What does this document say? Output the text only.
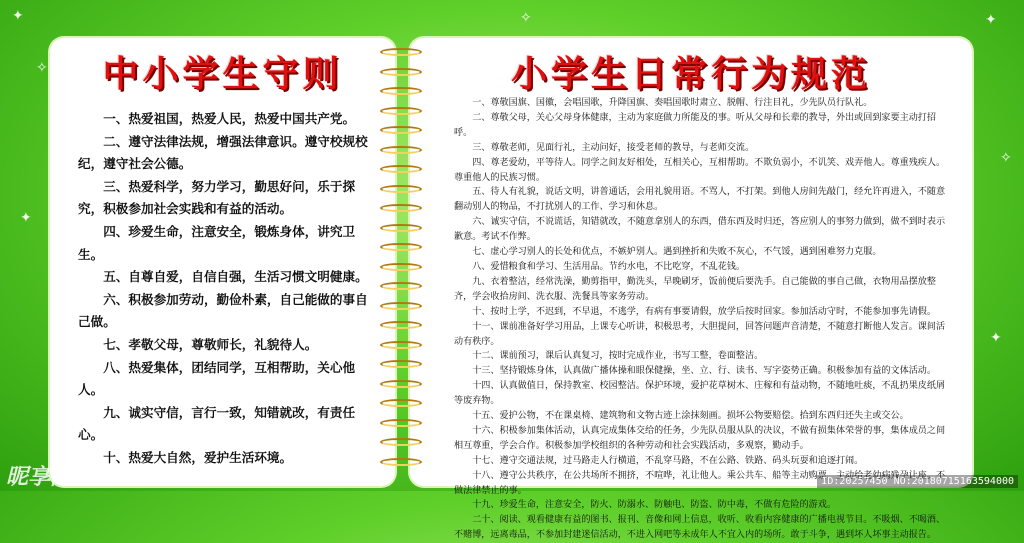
✦
✧
✦
✦
✧
✦
✧
中小学生守则

一、热爱祖国，热爱人民，热爱中国共产党。

二、遵守法律法规，增强法律意识。遵守校规校纪，遵守社会公德。

三、热爱科学，努力学习，勤思好问，乐于探究，积极参加社会实践和有益的活动。

四、珍爱生命，注意安全，锻炼身体，讲究卫生。

五、自尊自爱，自信自强，生活习惯文明健康。

六、积极参加劳动，勤俭朴素，自己能做的事自己做。

七、孝敬父母，尊敬师长，礼貌待人。

八、热爱集体，团结同学，互相帮助，关心他人。

九、诚实守信，言行一致，知错就改，有责任心。

十、热爱大自然，爱护生活环境。

小学生日常行为规范

一、尊敬国旗、国徽，会唱国歌，升降国旗、奏唱国歌时肃立、脱帽、行注目礼，少先队员行队礼。

二、尊敬父母，关心父母身体健康，主动为家庭做力所能及的事。听从父母和长辈的教导，外出或回到家要主动打招呼。

三、尊敬老师，见面行礼，主动问好，接受老师的教导，与老师交流。

四、尊老爱幼，平等待人。同学之间友好相处，互相关心，互相帮助。不欺负弱小，不讥笑、戏弄他人。尊重残疾人。尊重他人的民族习惯。

五、待人有礼貌，说话文明，讲普通话，会用礼貌用语。不骂人，不打架。到他人房间先敲门，经允许再进入，不随意翻动别人的物品，不打扰别人的工作、学习和休息。

六、诚实守信，不说谎话，知错就改，不随意拿别人的东西，借东西及时归还，答应别人的事努力做到，做不到时表示歉意。考试不作弊。

七、虚心学习别人的长处和优点，不嫉妒别人。遇到挫折和失败不灰心，不气馁，遇到困难努力克服。

八、爱惜粮食和学习、生活用品。节约水电，不比吃穿，不乱花钱。

九、衣着整洁，经常洗澡，勤剪指甲，勤洗头，早晚刷牙，饭前便后要洗手。自己能做的事自己做，衣物用品摆放整齐，学会收拾房间、洗衣服、洗餐具等家务劳动。

十、按时上学，不迟到，不早退，不逃学，有病有事要请假，放学后按时回家。参加活动守时，不能参加事先请假。

十一、课前准备好学习用品，上课专心听讲，积极思考，大胆提问，回答问题声音清楚，不随意打断他人发言。课间活动有秩序。

十二、课前预习，课后认真复习，按时完成作业，书写工整，卷面整洁。

十三、坚持锻炼身体，认真做广播体操和眼保健操，坐、立、行、读书、写字姿势正确。积极参加有益的文体活动。

十四、认真做值日，保持教室、校园整洁。保护环境，爱护花草树木、庄稼和有益动物，不随地吐痰，不乱扔果皮纸屑等废弃物。

十五、爱护公物，不在课桌椅、建筑物和文物古迹上涂抹刻画。损坏公物要赔偿。拾到东西归还失主或交公。

十六、积极参加集体活动，认真完成集体交给的任务，少先队员服从队的决议，不做有损集体荣誉的事，集体成员之间相互尊重，学会合作。积极参加学校组织的各种劳动和社会实践活动，多观察，勤动手。

十七、遵守交通法规，过马路走人行横道，不乱穿马路，不在公路、铁路、码头玩耍和追逐打闹。

十八、遵守公共秩序，在公共场所不拥挤，不喧哗，礼让他人。乘公共车、船等主动购票，主动给老幼病残孕让座。不做法律禁止的事。

十九、珍爱生命，注意安全，防火、防溺水、防触电、防盗、防中毒，不做有危险的游戏。

二十、阅读、观看健康有益的图书、报刊、音像和网上信息，收听、收看内容健康的广播电视节目。不吸烟、不喝酒、不赌博，远离毒品，不参加封建迷信活动，不进入网吧等未成年人不宜入内的场所。敢于斗争，遇到坏人坏事主动报告。

昵享网	www.nipic.cn	ID:20257450 NO:20180715163594000
